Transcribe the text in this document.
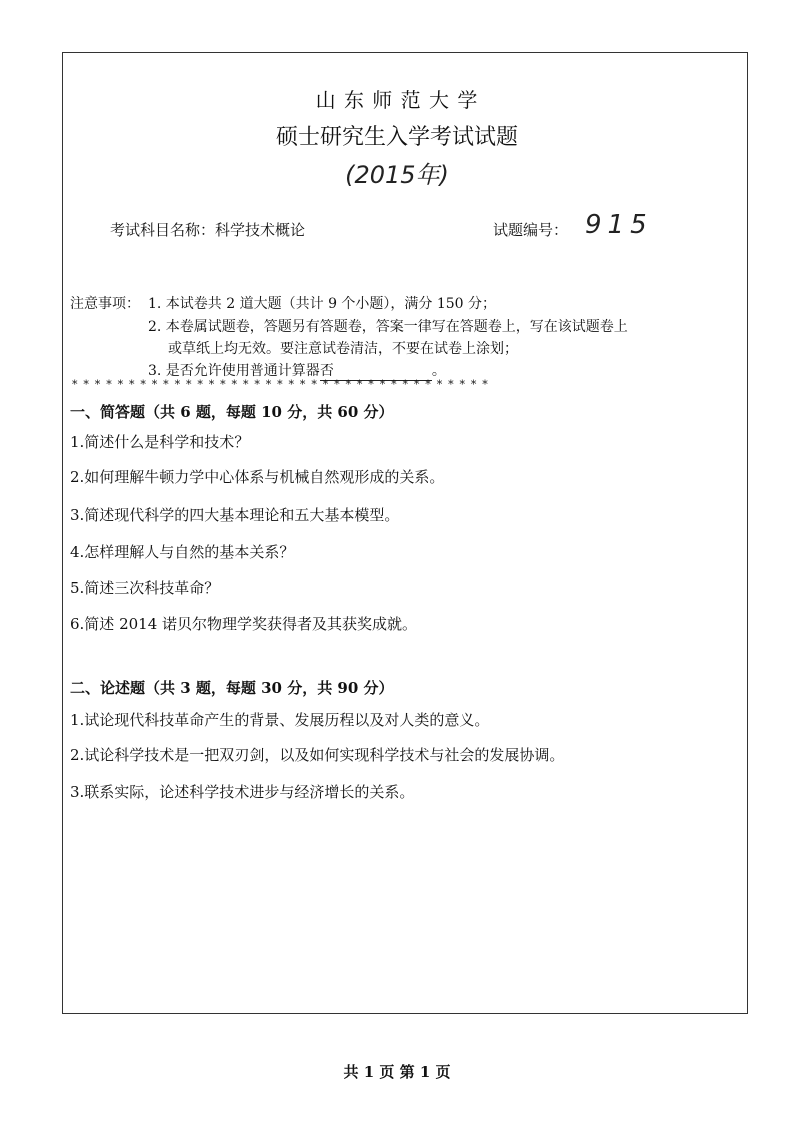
山 东 师 范 大 学
硕士研究生入学考试试题
(2015年)
考试科目名称：科学技术概论	试题编号： 915
注意事项： 1. 本试卷共 2 道大题（共计 9 个小题），满分 150 分；
2. 本卷属试题卷，答题另有答题卷，答案一律写在答题卷上，写在该试题卷上
或草纸上均无效。要注意试卷清洁，不要在试卷上涂划；
3. 是否允许使用普通计算器否	。
* * * * * * * * * * * * * * * * * * * * * * * * * * * * * * * * * * * * *
一、简答题（共 6 题，每题 10 分，共 60 分）
1.简述什么是科学和技术？
2.如何理解牛顿力学中心体系与机械自然观形成的关系。
3.简述现代科学的四大基本理论和五大基本模型。
4.怎样理解人与自然的基本关系？
5.简述三次科技革命？
6.简述 2014 诺贝尔物理学奖获得者及其获奖成就。
二、论述题（共 3 题，每题 30 分，共 90 分）
1.试论现代科技革命产生的背景、发展历程以及对人类的意义。
2.试论科学技术是一把双刃剑，以及如何实现科学技术与社会的发展协调。
3.联系实际，论述科学技术进步与经济增长的关系。
共 1 页 第 1 页
